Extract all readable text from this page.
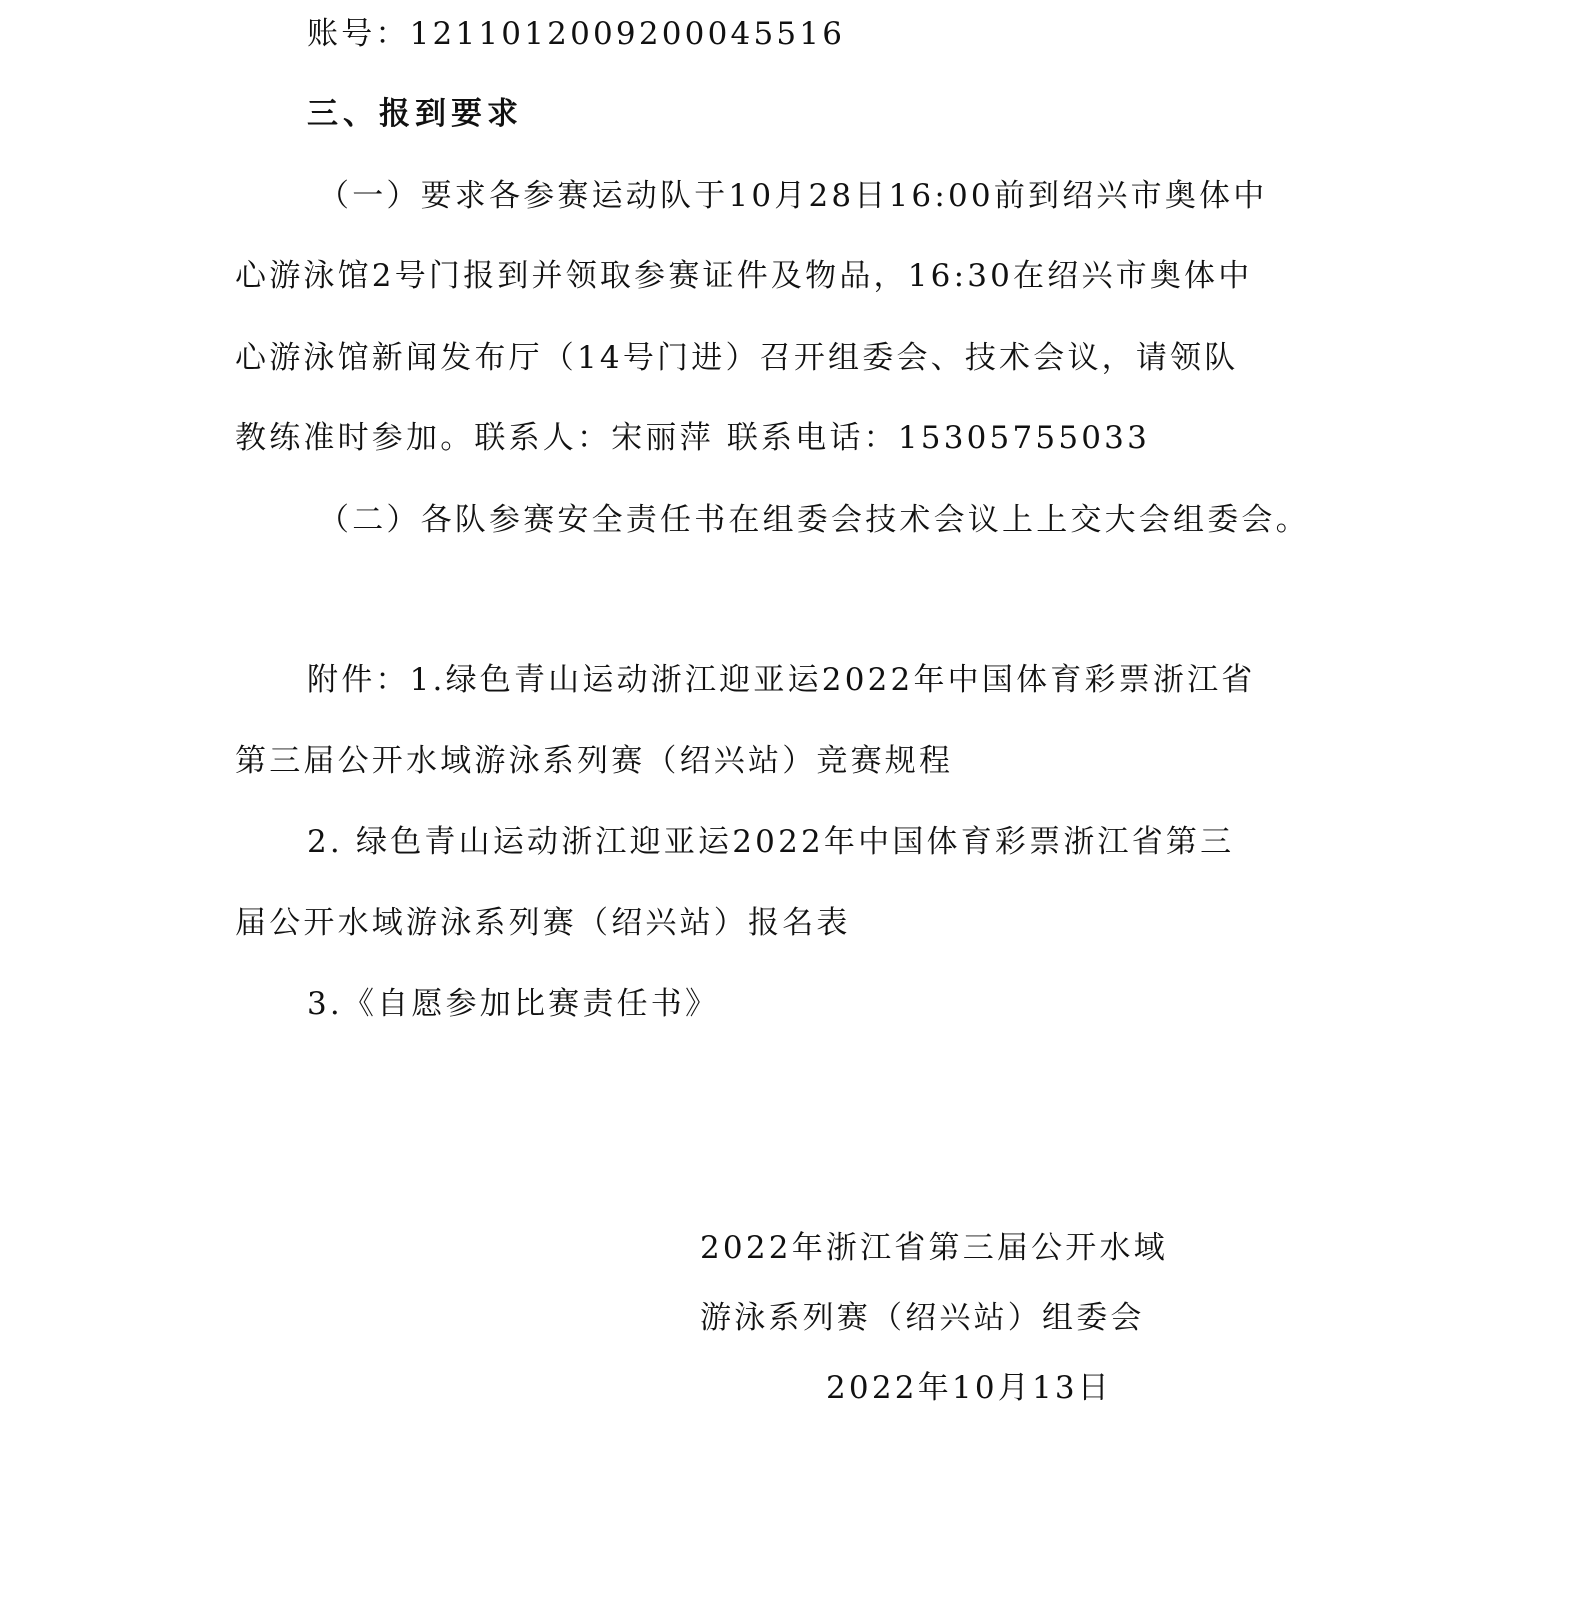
账号：121101200920004551​6
三、报到要求
（一）要求各参赛运动队于10月28日16:00前到绍兴市奥体中
心游泳馆2号门报到并领取参赛证件及物品，16:30在绍兴市奥体中
心游泳馆新闻发布厅（14号门进）召开组委会、技术会议，请领队
教练准时参加。联系人：宋丽萍 联系电话：15305755033
（二）各队参赛安全责任书在组委会技术会议上上交大会组委会。
附件：1.绿色青山运动浙江迎亚运2022年中国体育彩票浙江省
第三届公开水域游泳系列赛（绍兴站）竞赛规程
2. 绿色青山运动浙江迎亚运2022年中国体育彩票浙江省第三
届公开水域游泳系列赛（绍兴站）报名表
3.《自愿参加比赛责任书》
2022年浙江省第三届公开水域
游泳系列赛（绍兴站）组委会
2022年10月13日
